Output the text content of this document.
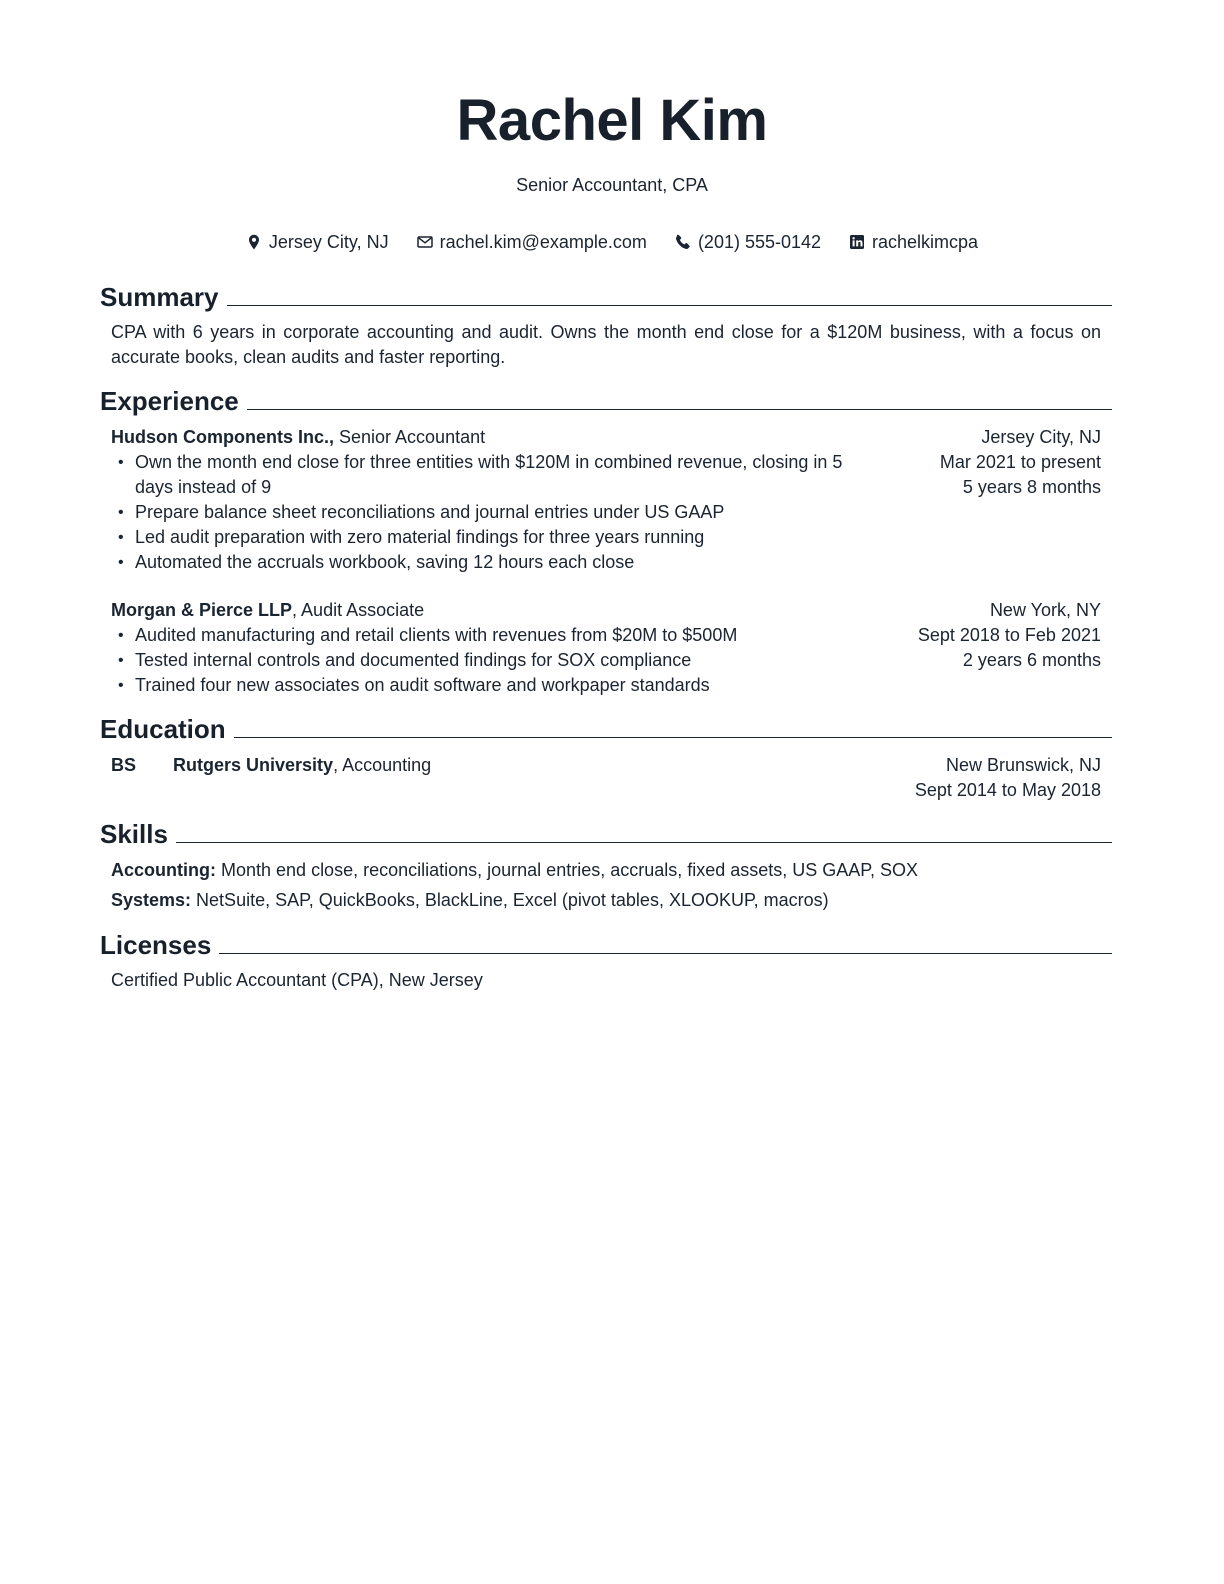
Rachel Kim
Senior Accountant, CPA
Jersey City, NJ	rachel.kim@example.com	(201) 555-0142	rachelkimcpa
Summary
CPA with 6 years in corporate accounting and audit. Owns the month end close for a $120M business, with a focus on accurate books, clean audits and faster reporting.
Experience
Hudson Components Inc., Senior Accountant
• Own the month end close for three entities with $120M in combined revenue, closing in 5 days instead of 9
• Prepare balance sheet reconciliations and journal entries under US GAAP
• Led audit preparation with zero material findings for three years running
• Automated the accruals workbook, saving 12 hours each close
Jersey City, NJ
Mar 2021 to present
5 years 8 months
Morgan & Pierce LLP, Audit Associate
• Audited manufacturing and retail clients with revenues from $20M to $500M
• Tested internal controls and documented findings for SOX compliance
• Trained four new associates on audit software and workpaper standards
New York, NY
Sept 2018 to Feb 2021
2 years 6 months
Education
BS Rutgers University, Accounting	New Brunswick, NJ
Sept 2014 to May 2018
Skills
Accounting: Month end close, reconciliations, journal entries, accruals, fixed assets, US GAAP, SOX
Systems: NetSuite, SAP, QuickBooks, BlackLine, Excel (pivot tables, XLOOKUP, macros)
Licenses
Certified Public Accountant (CPA), New Jersey
